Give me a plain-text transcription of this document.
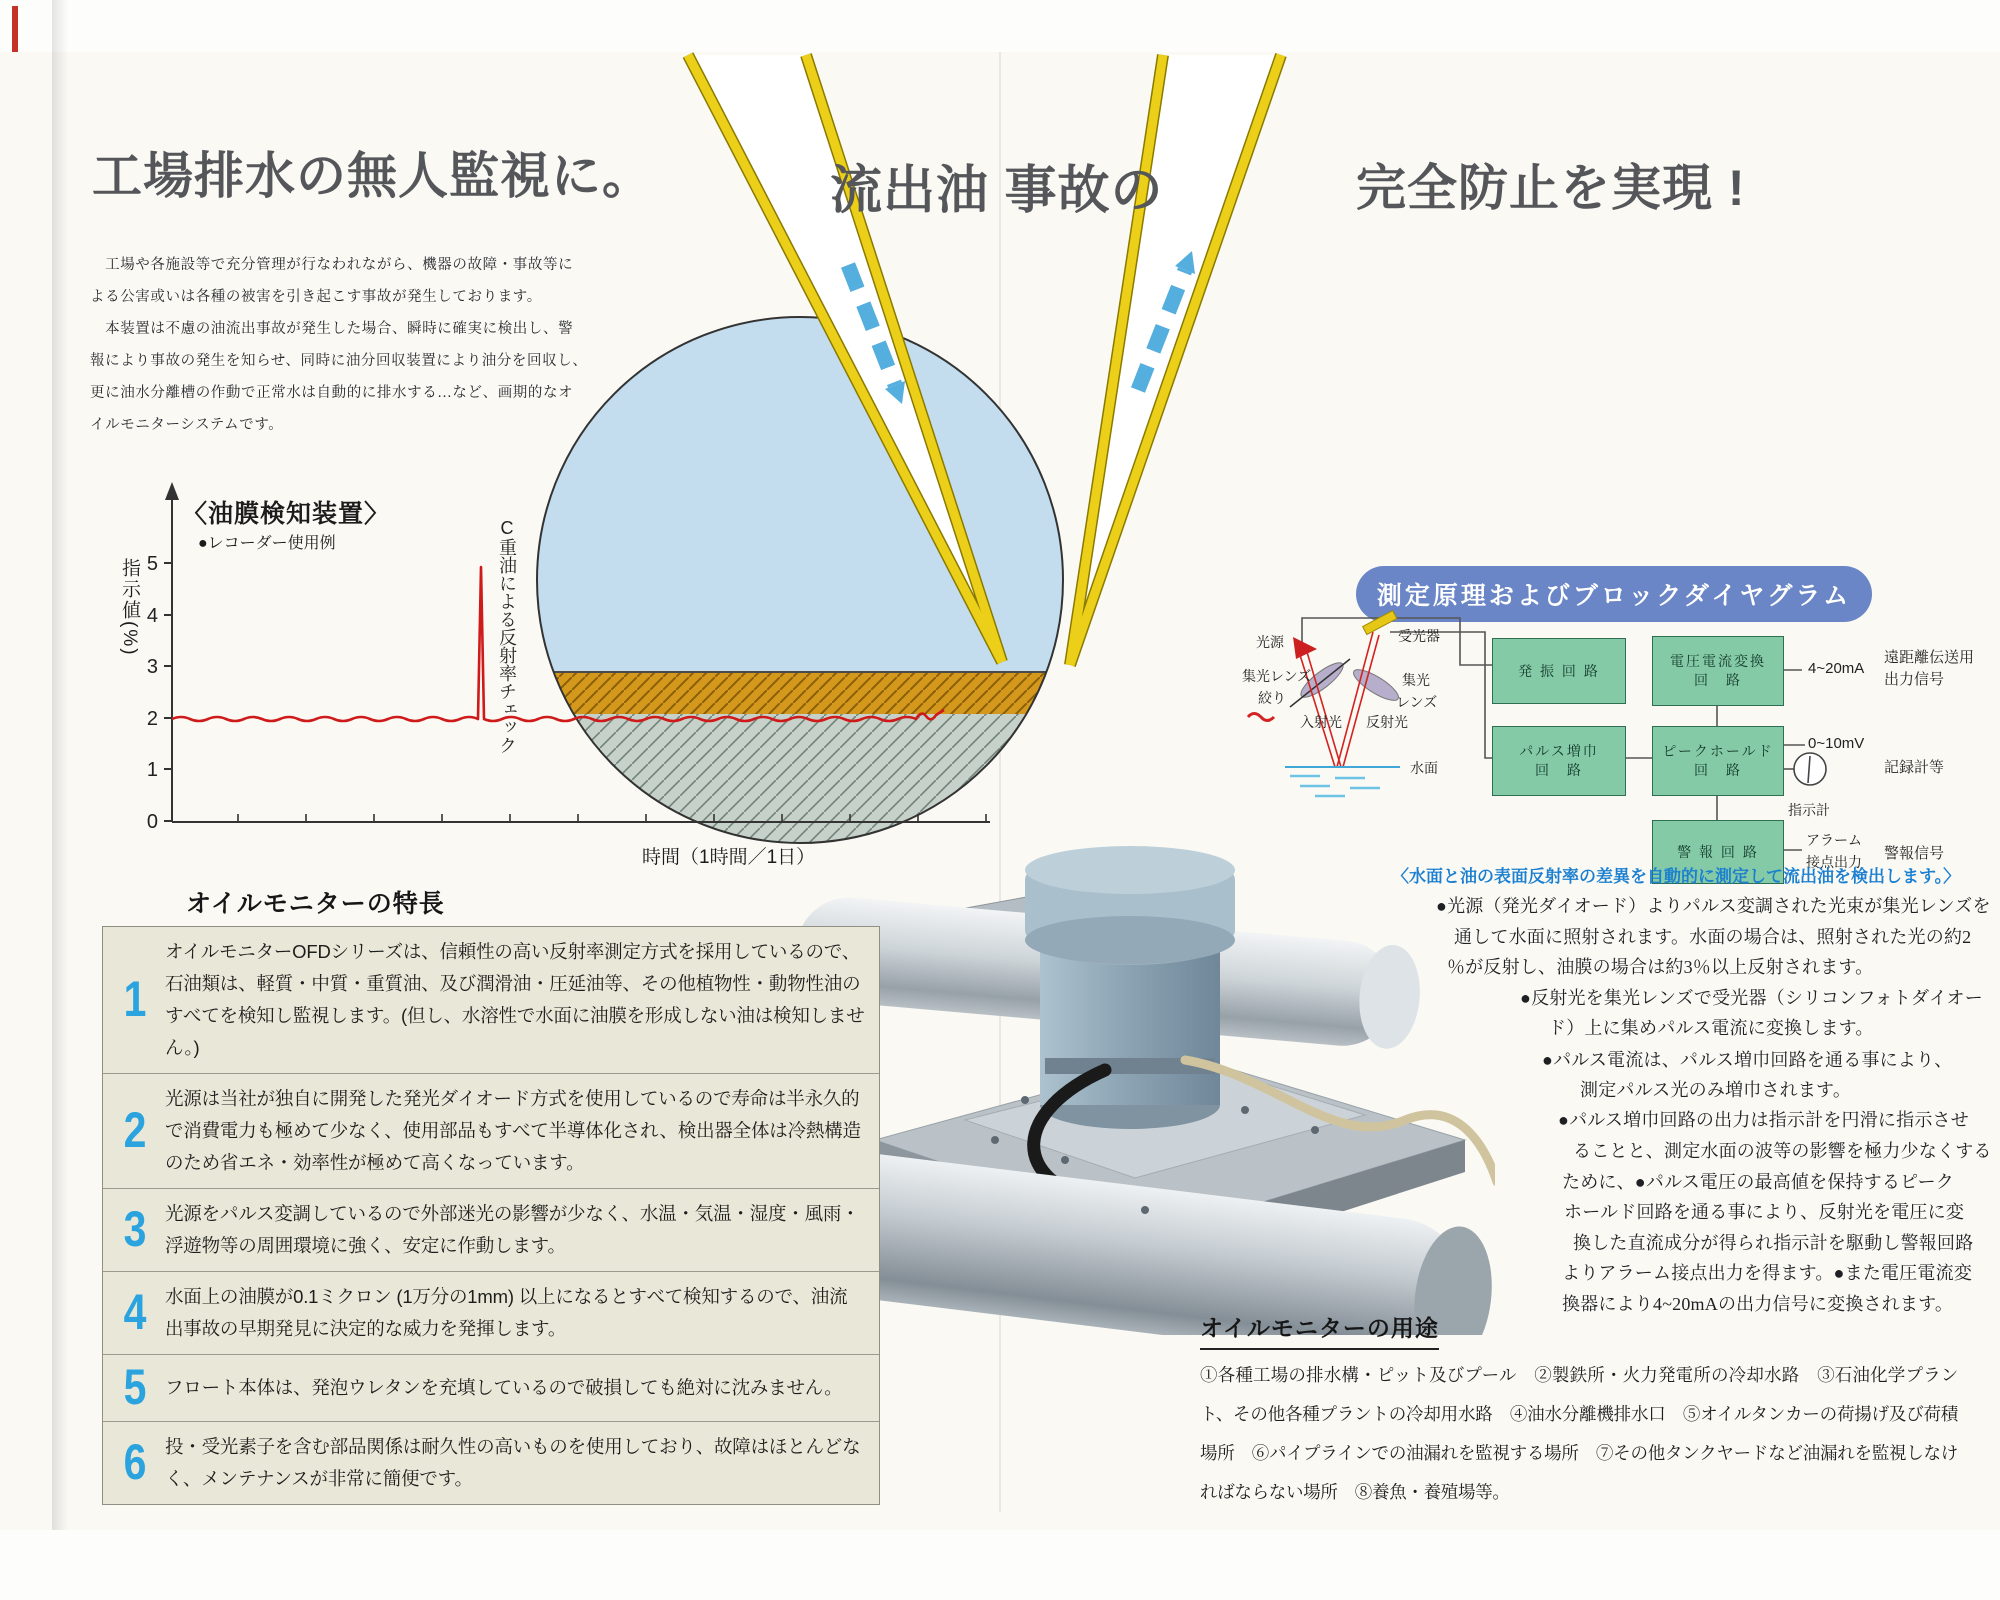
5
4
3
2
1
0
〈油膜検知装置〉
●レコーダー使用例
指示値(%)
時間（1時間／1日）
C重油による反射率チェック
工場排水の無人監視に。	流出油 事故の	完全防止を実現 !
　工場や各施設等で充分管理が行なわれながら、機器の故障・事故等に
よる公害或いは各種の被害を引き起こす事故が発生しております。
　本装置は不慮の油流出事故が発生した場合、瞬時に確実に検出し、警
報により事故の発生を知らせ、同時に油分回収装置により油分を回収し、
更に油水分離槽の作動で正常水は自動的に排水する…など、画期的なオ
イルモニターシステムです。
測定原理およびブロックダイヤグラム
発 振 回 路
電圧電流変換
回　路
パルス増巾
回　路
ピークホールド
回　路
警 報 回 路
4~20mA
遠距離伝送用
出力信号
0~10mV
記録計等
指示計
アラーム
接点出力 警報信号
光源	受光器
集光レンズ
絞り
集光
レンズ
入射光 反射光
水面
〈水面と油の表面反射率の差異を自動的に測定して流出油を検出します。〉
●光源（発光ダイオード）よりパルス変調された光束が集光レンズを
通して水面に照射されます。水面の場合は、照射された光の約2
％が反射し、油膜の場合は約3％以上反射されます。
●反射光を集光レンズで受光器（シリコンフォトダイオー
ド）上に集めパルス電流に変換します。
●パルス電流は、パルス増巾回路を通る事により、
測定パルス光のみ増巾されます。
●パルス増巾回路の出力は指示計を円滑に指示させ
ることと、測定水面の波等の影響を極力少なくする
ために、●パルス電圧の最高値を保持するピーク
ホールド回路を通る事により、反射光を電圧に変
換した直流成分が得られ指示計を駆動し警報回路
よりアラーム接点出力を得ます。●また電圧電流変
換器により4~20mAの出力信号に変換されます。
オイルモニターの特長
1
オイルモニターOFDシリーズは、信頼性の高い反射率測定方式を採用しているので、石油類は、軽質・中質・重質油、及び潤滑油・圧延油等、その他植物性・動物性油のすべてを検知し監視します。(但し、水溶性で水面に油膜を形成しない油は検知しません。)
2
光源は当社が独自に開発した発光ダイオード方式を使用しているので寿命は半永久的で消費電力も極めて少なく、使用部品もすべて半導体化され、検出器全体は冷熱構造のため省エネ・効率性が極めて高くなっています。
3	光源をパルス変調しているので外部迷光の影響が少なく、水温・気温・湿度・風雨・浮遊物等の周囲環境に強く、安定に作動します。
4	水面上の油膜が0.1ミクロン (1万分の1mm) 以上になるとすべて検知するので、油流出事故の早期発見に決定的な威力を発揮します。
5	フロート本体は、発泡ウレタンを充填しているので破損しても絶対に沈みません。
6	投・受光素子を含む部品関係は耐久性の高いものを使用しており、故障はほとんどなく、メンテナンスが非常に簡便です。
オイルモニターの用途
①各種工場の排水構・ピット及びプール　②製鉄所・火力発電所の冷却水路　③石油化学プラント、その他各種プラントの冷却用水路　④油水分離機排水口　⑤オイルタンカーの荷揚げ及び荷積場所　⑥パイプラインでの油漏れを監視する場所　⑦その他タンクヤードなど油漏れを監視しなければならない場所　⑧養魚・養殖場等。
